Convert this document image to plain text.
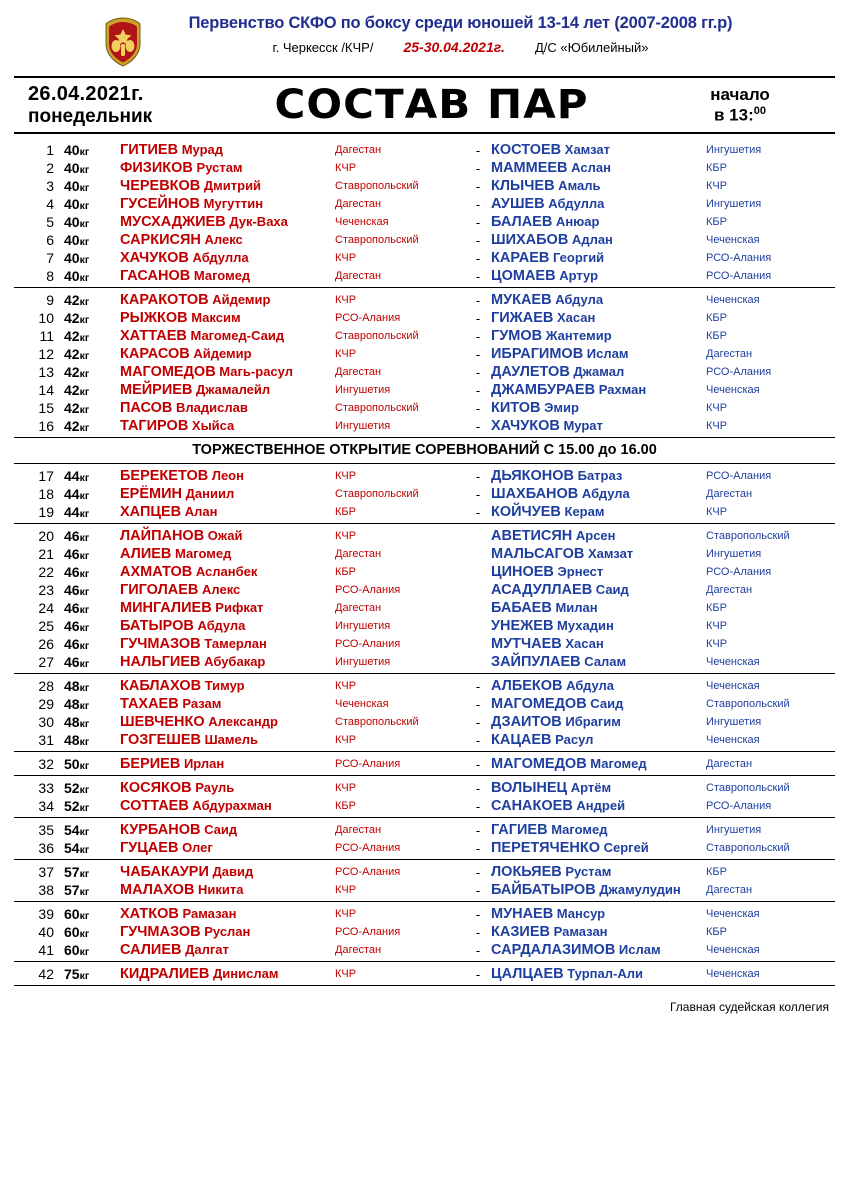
Первенство СКФО по боксу среди юношей 13-14 лет (2007-2008 гг.р)
г. Черкесск /КЧР/ 25-30.04.2021г. Д/С «Юбилейный»
26.04.2021г.
понедельник	СОСТАВ ПАР	начало
в 13:$^{00}$
1	40кг	ГИТИЕВ Мурад	Дагестан	-	КОСТОЕВ Хамзат	Ингушетия
2	40кг	ФИЗИКОВ Рустам	КЧР	-	МАММЕЕВ Аслан	КБР
3	40кг	ЧЕРЕВКОВ Дмитрий	Ставропольский	-	КЛЫЧЕВ Амаль	КЧР
4	40кг	ГУСЕЙНОВ Мугуттин	Дагестан	-	АУШЕВ Абдулла	Ингушетия
5	40кг	МУСХАДЖИЕВ Дук-Ваха	Чеченская	-	БАЛАЕВ Анюар	КБР
6	40кг	САРКИСЯН Алекс	Ставропольский	-	ШИХАБОВ Адлан	Чеченская
7	40кг	ХАЧУКОВ Абдулла	КЧР	-	КАРАЕВ Георгий	РСО-Алания
8	40кг	ГАСАНОВ Магомед	Дагестан	-	ЦОМАЕВ Артур	РСО-Алания
9	42кг	КАРАКОТОВ Айдемир	КЧР	-	МУКАЕВ Абдула	Чеченская
10	42кг	РЫЖКОВ Максим	РСО-Алания	-	ГИЖАЕВ Хасан	КБР
11	42кг	ХАТТАЕВ Магомед-Саид	Ставропольский	-	ГУМОВ Жантемир	КБР
12	42кг	КАРАСОВ Айдемир	КЧР	-	ИБРАГИМОВ Ислам	Дагестан
13	42кг	МАГОМЕДОВ Магь-расул	Дагестан	-	ДАУЛЕТОВ Джамал	РСО-Алания
14	42кг	МЕЙРИЕВ Джамалейл	Ингушетия	-	ДЖАМБУРАЕВ Рахман	Чеченская
15	42кг	ПАСОВ Владислав	Ставропольский	-	КИТОВ Эмир	КЧР
16	42кг	ТАГИРОВ Хыйса	Ингушетия	-	ХАЧУКОВ Мурат	КЧР
ТОРЖЕСТВЕННОЕ ОТКРЫТИЕ СОРЕВНОВАНИЙ С 15.00 до 16.00						
17	44кг	БЕРЕКЕТОВ Леон	КЧР	-	ДЬЯКОНОВ Батраз	РСО-Алания
18	44кг	ЕРЁМИН Даниил	Ставропольский	-	ШАХБАНОВ Абдула	Дагестан
19	44кг	ХАПЦЕВ Алан	КБР	-	КОЙЧУЕВ Керам	КЧР
20	46кг	ЛАЙПАНОВ Ожай	КЧР		АВЕТИСЯН Арсен	Ставропольский
21	46кг	АЛИЕВ Магомед	Дагестан		МАЛЬСАГОВ Хамзат	Ингушетия
22	46кг	АХМАТОВ Асланбек	КБР		ЦИНОЕВ Эрнест	РСО-Алания
23	46кг	ГИГОЛАЕВ Алекс	РСО-Алания		АСАДУЛЛАЕВ Саид	Дагестан
24	46кг	МИНГАЛИЕВ Рифкат	Дагестан		БАБАЕВ Милан	КБР
25	46кг	БАТЫРОВ Абдула	Ингушетия		УНЕЖЕВ Мухадин	КЧР
26	46кг	ГУЧМАЗОВ Тамерлан	РСО-Алания		МУТЧАЕВ Хасан	КЧР
27	46кг	НАЛЬГИЕВ Абубакар	Ингушетия		ЗАЙПУЛАЕВ Салам	Чеченская
28	48кг	КАБЛАХОВ Тимур	КЧР	-	АЛБЕКОВ Абдула	Чеченская
29	48кг	ТАХАЕВ Разам	Чеченская	-	МАГОМЕДОВ Саид	Ставропольский
30	48кг	ШЕВЧЕНКО Александр	Ставропольский	-	ДЗАИТОВ Ибрагим	Ингушетия
31	48кг	ГОЗГЕШЕВ Шамель	КЧР	-	КАЦАЕВ Расул	Чеченская
32	50кг	БЕРИЕВ Ирлан	РСО-Алания	-	МАГОМЕДОВ Магомед	Дагестан
33	52кг	КОСЯКОВ Рауль	КЧР	-	ВОЛЫНЕЦ Артём	Ставропольский
34	52кг	СОТТАЕВ Абдурахман	КБР	-	САНАКОЕВ Андрей	РСО-Алания
35	54кг	КУРБАНОВ Саид	Дагестан	-	ГАГИЕВ Магомед	Ингушетия
36	54кг	ГУЦАЕВ Олег	РСО-Алания	-	ПЕРЕТЯЧЕНКО Сергей	Ставропольский
37	57кг	ЧАБАКАУРИ Давид	РСО-Алания	-	ЛОКЬЯЕВ Рустам	КБР
38	57кг	МАЛАХОВ Никита	КЧР	-	БАЙБАТЫРОВ Джамулудин	Дагестан
39	60кг	ХАТКОВ Рамазан	КЧР	-	МУНАЕВ Мансур	Чеченская
40	60кг	ГУЧМАЗОВ Руслан	РСО-Алания	-	КАЗИЕВ Рамазан	КБР
41	60кг	САЛИЕВ Далгат	Дагестан	-	САРДАЛАЗИМОВ Ислам	Чеченская
42	75кг	КИДРАЛИЕВ Динислам	КЧР	-	ЦАЛЦАЕВ Турпал-Али	Чеченская
Главная судейская коллегия
